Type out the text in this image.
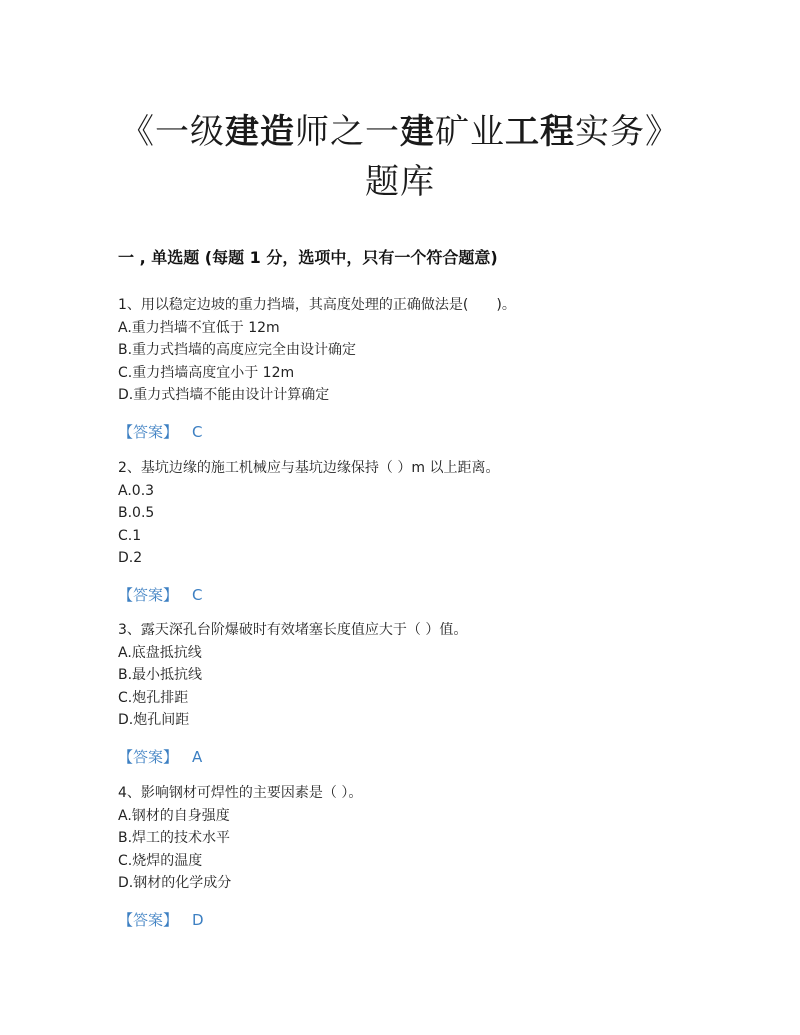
《一级建造师之一建矿业工程实务》
题库
一 , 单选题 (每题 1 分，选项中，只有一个符合题意)
1、用以稳定边坡的重力挡墙，其高度处理的正确做法是(　　)。
A.重力挡墙不宜低于 12m
B.重力式挡墙的高度应完全由设计确定
C.重力挡墙高度宜小于 12m
D.重力式挡墙不能由设计计算确定
【答案】 C
2、基坑边缘的施工机械应与基坑边缘保持（ ）m 以上距离。
A.0.3
B.0.5
C.1
D.2
【答案】 C
3、露天深孔台阶爆破时有效堵塞长度值应大于（ ）值。
A.底盘抵抗线
B.最小抵抗线
C.炮孔排距
D.炮孔间距
【答案】 A
4、影响钢材可焊性的主要因素是（ ）。
A.钢材的自身强度
B.焊工的技术水平
C.烧焊的温度
D.钢材的化学成分
【答案】 D
